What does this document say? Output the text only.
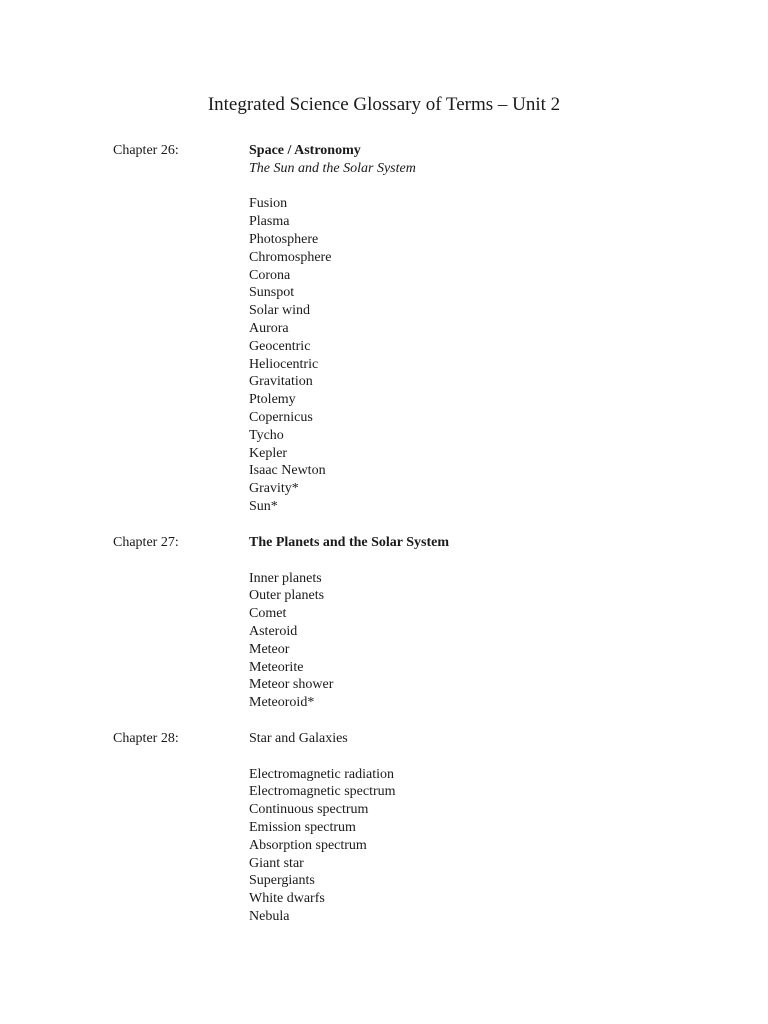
Integrated Science Glossary of Terms – Unit 2
Chapter 26:	Space / Astronomy

The Sun and the Solar System

Fusion
Plasma
Photosphere
Chromosphere
Corona
Sunspot
Solar wind
Aurora
Geocentric
Heliocentric
Gravitation
Ptolemy
Copernicus
Tycho
Kepler
Isaac Newton
Gravity*
Sun*
Chapter 27:	The Planets and the Solar System

Inner planets
Outer planets
Comet
Asteroid
Meteor
Meteorite
Meteor shower
Meteoroid*
Chapter 28:	Star and Galaxies

Electromagnetic radiation
Electromagnetic spectrum
Continuous spectrum
Emission spectrum
Absorption spectrum
Giant star
Supergiants
White dwarfs
Nebula
